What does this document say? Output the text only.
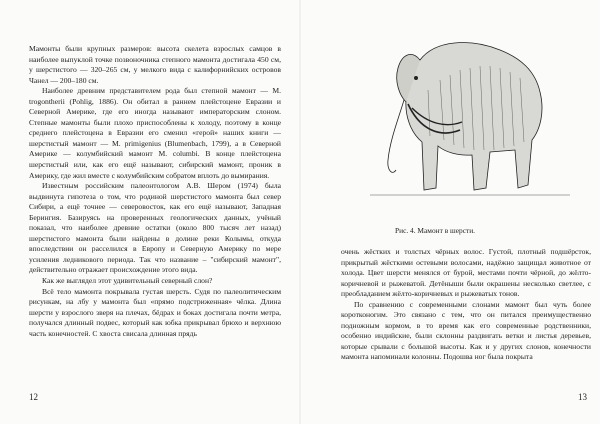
Мамонты были крупных размеров: высота скелета взрослых самцов в наиболее выпуклой точке позвоночника степного мамонта достигала 450 см, у шерстистого — 320–265 см, у мелкого вида с калифорнийских островов Чанел — 200–180 см.

Наиболее древним представителем рода был степной мамонт — M. trogontherii (Pohlig, 1886). Он обитал в раннем плейстоцене Евразии и Северной Америке, где его иногда называют императорским слоном. Степные мамонты были плохо приспособлены к холоду, поэтому в конце среднего плейстоцена в Евразии его сменил «герой» наших книги — шерстистый мамонт — M. primigenius (Blumenbach, 1799), а в Северной Америке — колумбийский мамонт M. columbi. В конце плейстоцена шерстистый или, как его ещё называют, сибирский мамонт, проник в Америку, где жил вместе с колумбийским собратом вплоть до вымирания.

Известным российским палеонтологом А.В. Шером (1974) была выдвинута гипотеза о том, что родиной шерстистого мамонта был север Сибири, а ещё точнее — северовосток, как его ещё называют, Западная Берингия. Базируясь на проверенных геологических данных, учёный показал, что наиболее древние остатки (около 800 тысяч лет назад) шерстистого мамонта были найдены в долине реки Колымы, откуда впоследствии он расселился в Европу и Северную Америку по мере усиления ледникового периода. Так что название – "сибирский мамонт", действительно отражает происхождение этого вида.

Как же выглядел этот удивительный северный слон?

Всё тело мамонта покрывала густая шерсть. Судя по палеолитическим рисункам, на лбу у мамонта был «прямо подстриженная» чёлка. Длина шерсти у взрослого зверя на плечах, бёдрах и боках достигала почти метра, получался длинный подвес, который как юбка прикрывал брюхо и верхнюю часть конечностей. С хвоста свисала длинная прядь

12
Рис. 4. Мамонт в шерсти.

очень жёстких и толстых чёрных волос. Густой, плотный подшёрсток, прикрытый жёсткими остевыми волосами, надёжно защищал животное от холода. Цвет шерсти менялся от бурой, местами почти чёрной, до жёлто-коричневой и рыжеватой. Детёныши были окрашены несколько светлее, с преобладанием жёлто-коричневых и рыжеватых тонов.

По сравнению с современными слонами мамонт был чуть более коротконогим. Это связано с тем, что он питался преимущественно подножным кормом, в то время как его современные родственники, особенно индийские, были склонны раздвигать ветки и листья деревьев, которые срывали с большой высоты. Как и у других слонов, конечности мамонта напоминали колонны. Подошва ног была покрыта

13
